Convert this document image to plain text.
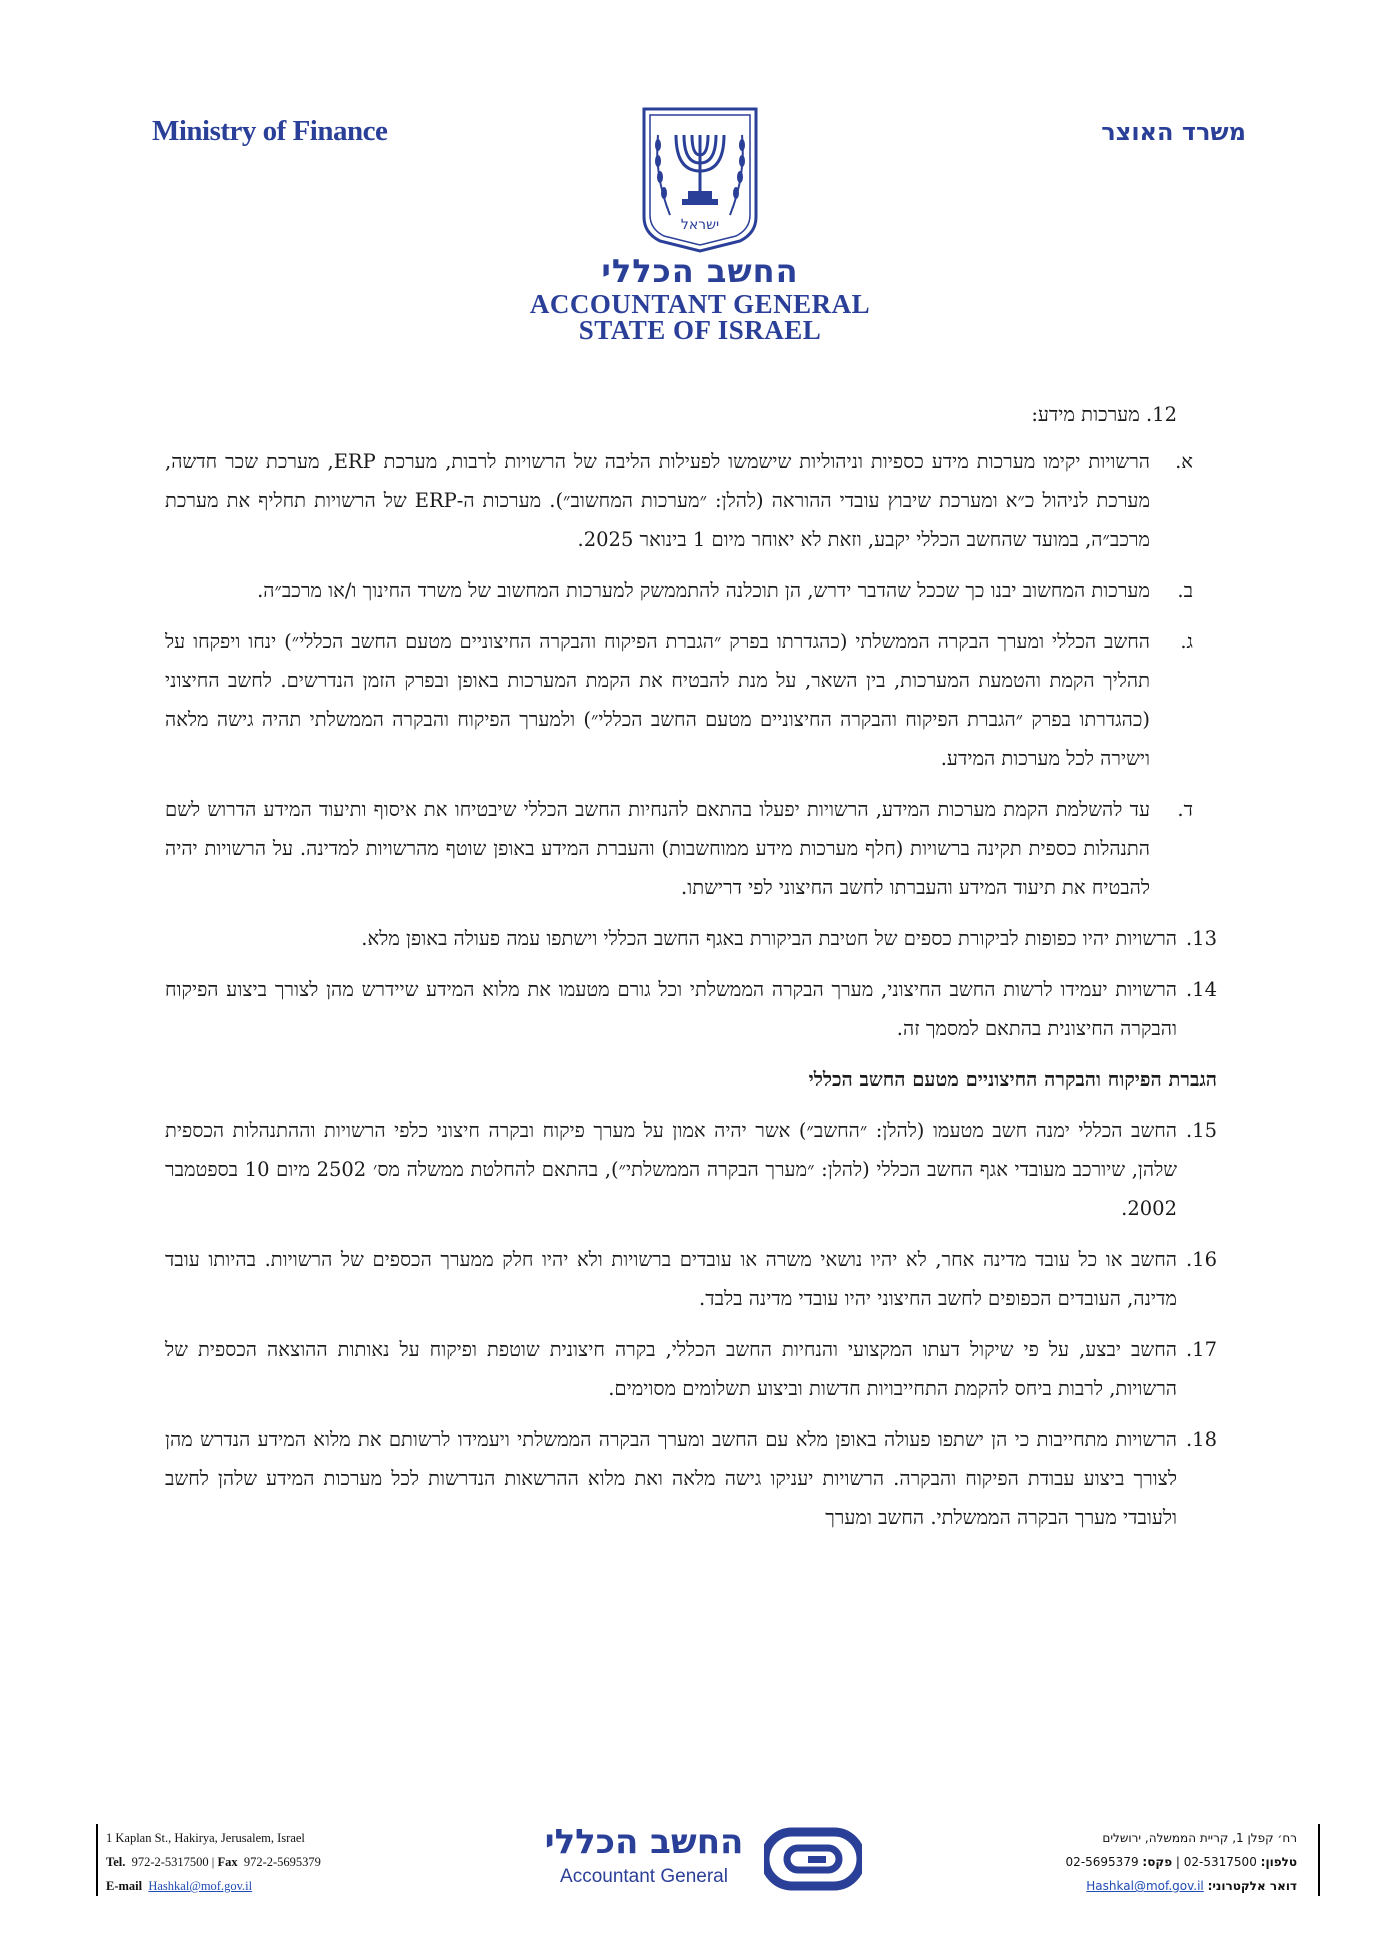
Ministry of Finance	משרד האוצר
ישראל
החשב הכללי
ACCOUNTANT GENERAL
STATE OF ISRAEL
12. מערכות מידע:
א.
הרשויות יקימו מערכות מידע כספיות וניהוליות שישמשו לפעילות הליבה של הרשויות לרבות, מערכת ERP, מערכת שכר חדשה, מערכת לניהול כ״א ומערכת שיבוץ עובדי ההוראה (להלן: ״מערכות המחשוב״). מערכות ה-ERP של הרשויות תחליף את מערכת מרכב״ה, במועד שהחשב הכללי יקבע, וזאת לא יאוחר מיום 1 בינואר 2025.
ב.
מערכות המחשוב יבנו כך שככל שהדבר ידרש, הן תוכלנה להתממשק למערכות המחשוב של משרד החינוך ו/או מרכב״ה.
ג.
החשב הכללי ומערך הבקרה הממשלתי (כהגדרתו בפרק ״הגברת הפיקוח והבקרה החיצוניים מטעם החשב הכללי״) ינחו ויפקחו על תהליך הקמת והטמעת המערכות, בין השאר, על מנת להבטיח את הקמת המערכות באופן ובפרק הזמן הנדרשים. לחשב החיצוני (כהגדרתו בפרק ״הגברת הפיקוח והבקרה החיצוניים מטעם החשב הכללי״) ולמערך הפיקוח והבקרה הממשלתי תהיה גישה מלאה וישירה לכל מערכות המידע.
ד.
עד להשלמת הקמת מערכות המידע, הרשויות יפעלו בהתאם להנחיות החשב הכללי שיבטיחו את איסוף ותיעוד המידע הדרוש לשם התנהלות כספית תקינה ברשויות (חלף מערכות מידע ממוחשבות) והעברת המידע באופן שוטף מהרשויות למדינה. על הרשויות יהיה להבטיח את תיעוד המידע והעברתו לחשב החיצוני לפי דרישתו.
13.
הרשויות יהיו כפופות לביקורת כספים של חטיבת הביקורת באגף החשב הכללי וישתפו עמה פעולה באופן מלא.
14.
הרשויות יעמידו לרשות החשב החיצוני, מערך הבקרה הממשלתי וכל גורם מטעמו את מלוא המידע שיידרש מהן לצורך ביצוע הפיקוח והבקרה החיצונית בהתאם למסמך זה.
הגברת הפיקוח והבקרה החיצוניים מטעם החשב הכללי
15.
החשב הכללי ימנה חשב מטעמו (להלן: ״החשב״) אשר יהיה אמון על מערך פיקוח ובקרה חיצוני כלפי הרשויות וההתנהלות הכספית שלהן, שיורכב מעובדי אגף החשב הכללי (להלן: ״מערך הבקרה הממשלתי״), בהתאם להחלטת ממשלה מס׳ 2502 מיום 10 בספטמבר 2002.
16.
החשב או כל עובד מדינה אחר, לא יהיו נושאי משרה או עובדים ברשויות ולא יהיו חלק ממערך הכספים של הרשויות. בהיותו עובד מדינה, העובדים הכפופים לחשב החיצוני יהיו עובדי מדינה בלבד.
17.
החשב יבצע, על פי שיקול דעתו המקצועי והנחיות החשב הכללי, בקרה חיצונית שוטפת ופיקוח על נאותות ההוצאה הכספית של הרשויות, לרבות ביחס להקמת התחייבויות חדשות וביצוע תשלומים מסוימים.
18.
הרשויות מתחייבות כי הן ישתפו פעולה באופן מלא עם החשב ומערך הבקרה הממשלתי ויעמידו לרשותם את מלוא המידע הנדרש מהן לצורך ביצוע עבודת הפיקוח והבקרה. הרשויות יעניקו גישה מלאה ואת מלוא ההרשאות הנדרשות לכל מערכות המידע שלהן לחשב ולעובדי מערך הבקרה הממשלתי. החשב ומערך
1 Kaplan St., Hakirya, Jerusalem, Israel
Tel. 972-2-5317500 | Fax 972-2-5695379
E-mail Hashkal@mof.gov.il
החשב הכללי
Accountant General
רח׳ קפלן 1, קריית הממשלה, ירושלים
טלפון: 02-5317500 | פקס: 02-5695379
דואר אלקטרוני: Hashkal@mof.gov.il
